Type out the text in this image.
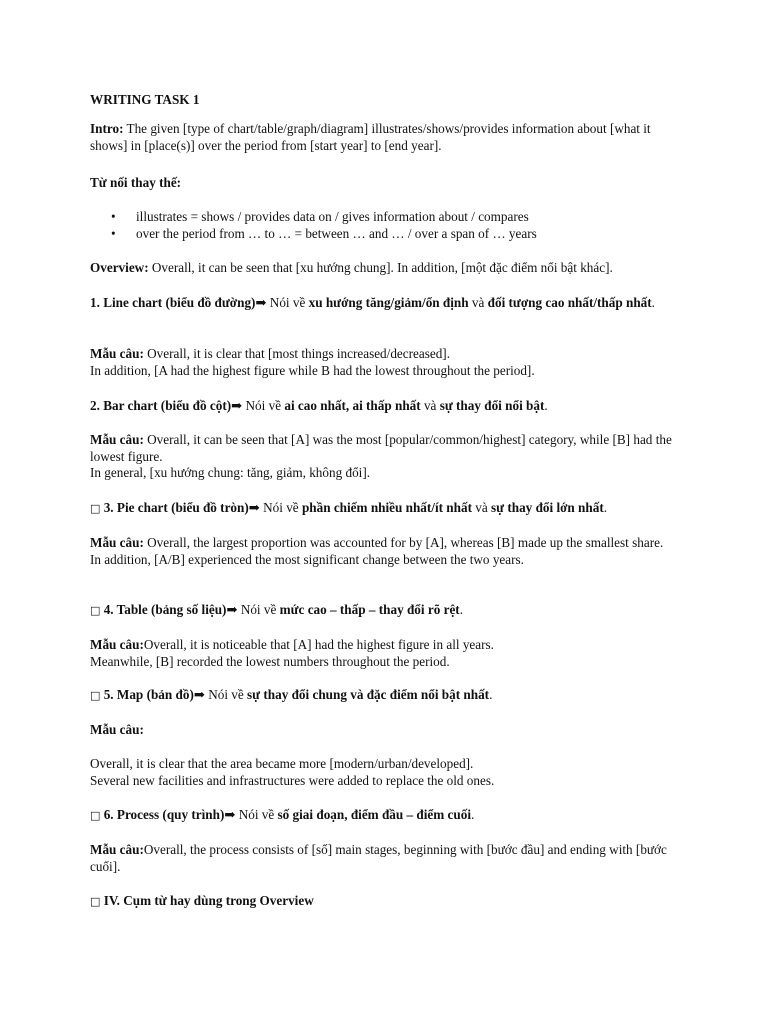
WRITING TASK 1

Intro: The given [type of chart/table/graph/diagram] illustrates/shows/provides information about [what it shows] in [place(s)] over the period from [start year] to [end year].

Từ nối thay thế:

• illustrates = shows / provides data on / gives information about / compares
• over the period from … to … = between … and … / over a span of … years

Overview: Overall, it can be seen that [xu hướng chung]. In addition, [một đặc điểm nổi bật khác].

1. Line chart (biểu đồ đường)➡ Nói về xu hướng tăng/giảm/ổn định và đối tượng cao nhất/thấp nhất.

Mẫu câu: Overall, it is clear that [most things increased/decreased].
In addition, [A had the highest figure while B had the lowest throughout the period].

2. Bar chart (biểu đồ cột)➡ Nói về ai cao nhất, ai thấp nhất và sự thay đổi nổi bật.

Mẫu câu: Overall, it can be seen that [A] was the most [popular/common/highest] category, while [B] had the lowest figure.
In general, [xu hướng chung: tăng, giảm, không đổi].

□ 3. Pie chart (biểu đồ tròn)➡ Nói về phần chiếm nhiều nhất/ít nhất và sự thay đổi lớn nhất.

Mẫu câu: Overall, the largest proportion was accounted for by [A], whereas [B] made up the smallest share.
In addition, [A/B] experienced the most significant change between the two years.

□ 4. Table (bảng số liệu)➡ Nói về mức cao – thấp – thay đổi rõ rệt.

Mẫu câu:Overall, it is noticeable that [A] had the highest figure in all years.
Meanwhile, [B] recorded the lowest numbers throughout the period.

□ 5. Map (bản đồ)➡ Nói về sự thay đổi chung và đặc điểm nổi bật nhất.

Mẫu câu:

Overall, it is clear that the area became more [modern/urban/developed].
Several new facilities and infrastructures were added to replace the old ones.

□ 6. Process (quy trình)➡ Nói về số giai đoạn, điểm đầu – điểm cuối.

Mẫu câu:Overall, the process consists of [số] main stages, beginning with [bước đầu] and ending with [bước cuối].

□ IV. Cụm từ hay dùng trong Overview
